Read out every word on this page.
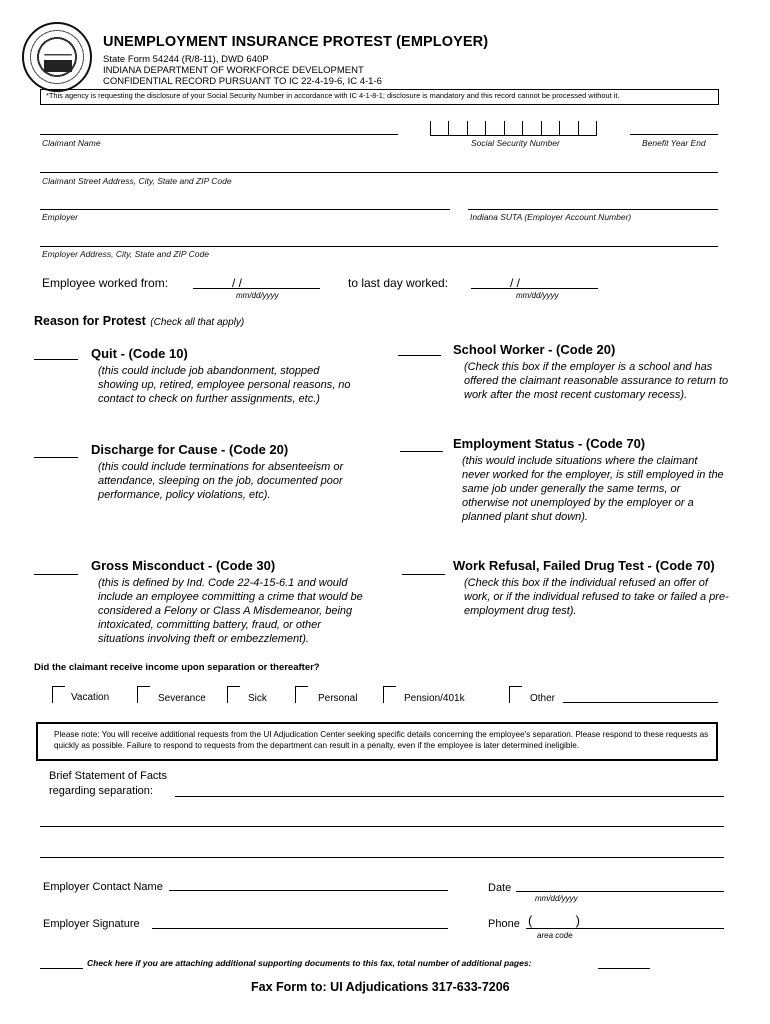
UNEMPLOYMENT INSURANCE PROTEST (EMPLOYER)
State Form 54244 (R/8-11), DWD 640P
INDIANA DEPARTMENT OF WORKFORCE DEVELOPMENT
CONFIDENTIAL RECORD PURSUANT TO IC 22-4-19-6, IC 4-1-6
*This agency is requesting the disclosure of your Social Security Number in accordance with IC 4-1-8-1; disclosure is mandatory and this record cannot be processed without it.
Claimant Name	Social Security Number	Benefit Year End
Claimant Street Address, City, State and ZIP Code
Employer	Indiana SUTA (Employer Account Number)
Employer Address, City, State and ZIP Code
Employee worked from:	/ /
mm/dd/yyyy
to last day worked:	/ /
mm/dd/yyyy
Reason for Protest (Check all that apply)
Quit - (Code 10)
(this could include job abandonment, stopped showing up, retired, employee personal reasons, no contact to check on further assignments, etc.)
School Worker - (Code 20)
(Check this box if the employer is a school and has offered the claimant reasonable assurance to return to work after the most recent customary recess).
Discharge for Cause - (Code 20)
(this could include terminations for absenteeism or attendance, sleeping on the job, documented poor performance, policy violations, etc).
Employment Status - (Code 70)
(this would include situations where the claimant never worked for the employer, is still employed in the same job under generally the same terms, or otherwise not unemployed by the employer or a planned plant shut down).
Gross Misconduct - (Code 30)
(this is defined by Ind. Code 22-4-15-6.1 and would include an employee committing a crime that would be considered a Felony or Class A Misdemeanor, being intoxicated, committing battery, fraud, or other situations involving theft or embezzlement).
Work Refusal, Failed Drug Test - (Code 70)
(Check this box if the individual refused an offer of work, or if the individual refused to take or failed a pre-employment drug test).
Did the claimant receive income upon separation or thereafter?
Vacation	Severance	Sick	Personal	Pension/401k	Other
Please note: You will receive additional requests from the UI Adjudication Center seeking specific details concerning the employee's separation. Please respond to these requests as quickly as possible. Failure to respond to requests from the department can result in a penalty, even if the employee is later determined ineligible.
Brief Statement of Facts
regarding separation:
Employer Contact Name	Date
mm/dd/yyyy
Employer Signature	Phone (            )
area code
Check here if you are attaching additional supporting documents to this fax, total number of additional pages:
Fax Form to: UI Adjudications 317-633-7206
